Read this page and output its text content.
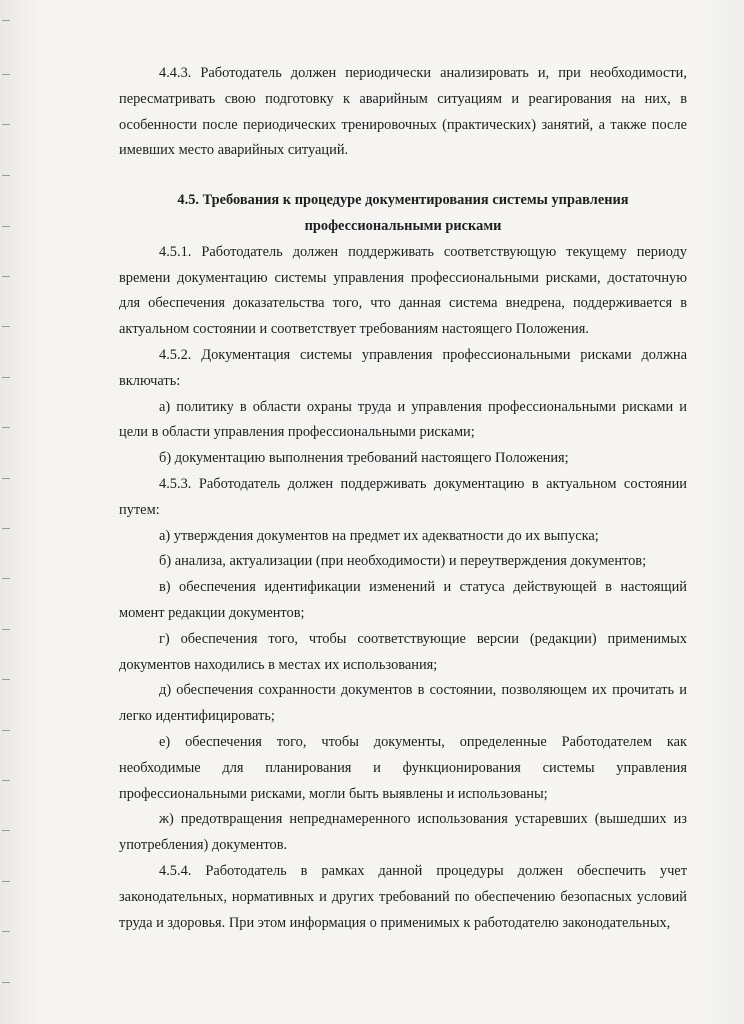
4.4.3. Работодатель должен периодически анализировать и, при необходимости, пересматривать свою подготовку к аварийным ситуациям и реагирования на них, в особенности после периодических тренировочных (практических) занятий, а также после имевших место аварийных ситуаций.

4.5. Требования к процедуре документирования системы управления профессиональными рисками

4.5.1. Работодатель должен поддерживать соответствующую текущему периоду времени документацию системы управления профессиональными рисками, достаточную для обеспечения доказательства того, что данная система внедрена, поддерживается в актуальном состоянии и соответствует требованиям настоящего Положения.

4.5.2. Документация системы управления профессиональными рисками должна включать:

а) политику в области охраны труда и управления профессиональными рисками и цели в области управления профессиональными рисками;

б) документацию выполнения требований настоящего Положения;

4.5.3. Работодатель должен поддерживать документацию в актуальном состоянии путем:

а) утверждения документов на предмет их адекватности до их выпуска;

б) анализа, актуализации (при необходимости) и переутверждения документов;

в) обеспечения идентификации изменений и статуса действующей в настоящий момент редакции документов;

г) обеспечения того, чтобы соответствующие версии (редакции) применимых документов находились в местах их использования;

д) обеспечения сохранности документов в состоянии, позволяющем их прочитать и легко идентифицировать;

е) обеспечения того, чтобы документы, определенные Работодателем как необходимые для планирования и функционирования системы управления профессиональными рисками, могли быть выявлены и использованы;

ж) предотвращения непреднамеренного использования устаревших (вышедших из употребления) документов.

4.5.4. Работодатель в рамках данной процедуры должен обеспечить учет законодательных, нормативных и других требований по обеспечению безопасных условий труда и здоровья. При этом информация о применимых к работодателю законодательных,
